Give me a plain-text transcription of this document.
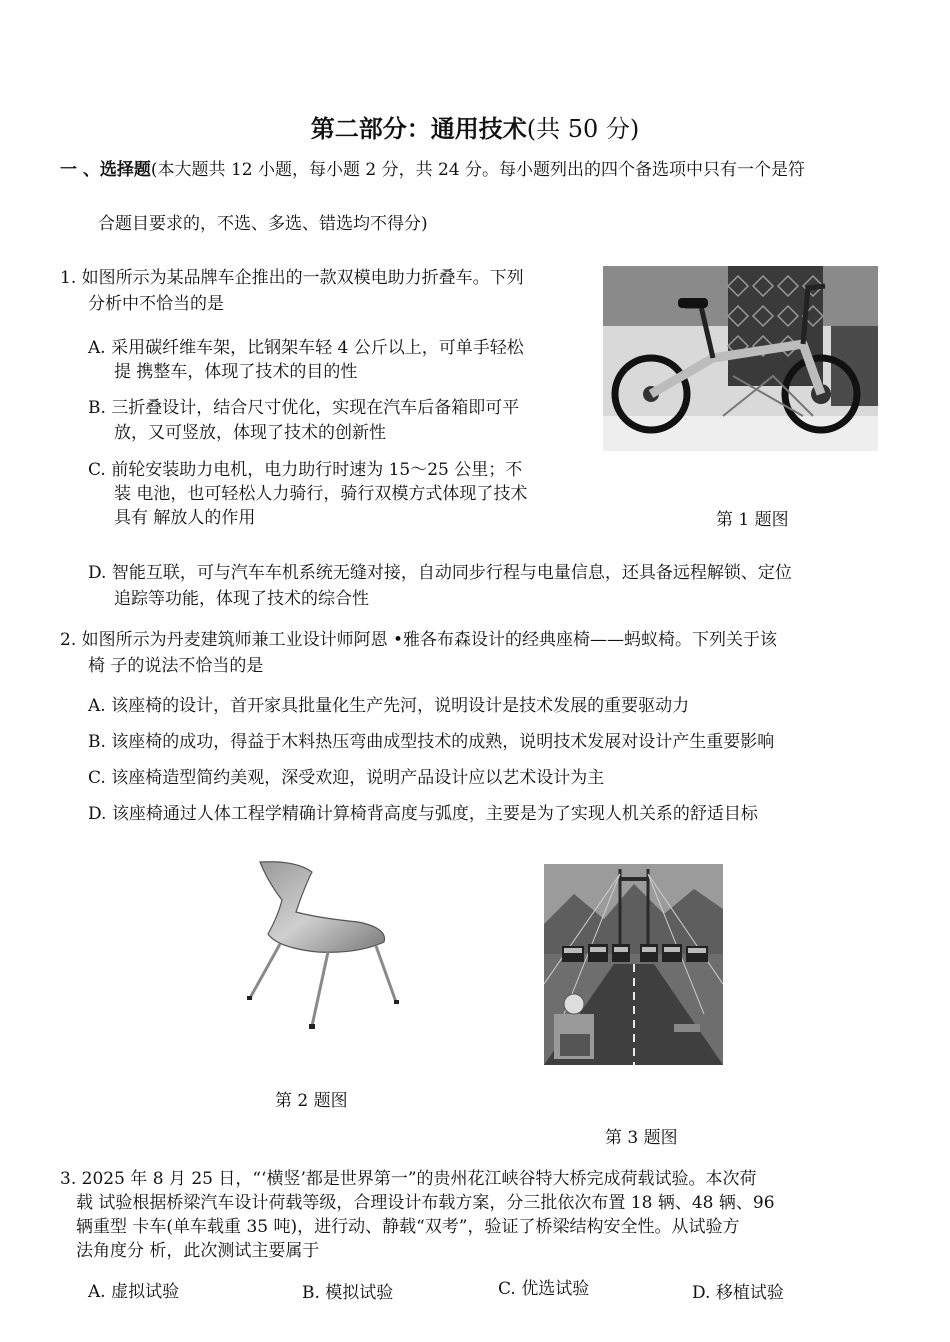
第二部分：通用技术(共 50 分)
一 、选择题(本大题共 12 小题，每小题 2 分，共 24 分。每小题列出的四个备选项中只有一个是符
合题目要求的，不选、多选、错选均不得分)
1. 如图所示为某品牌车企推出的一款双模电助力折叠车。下列
分析中不恰当的是
A. 采用碳纤维车架，比钢架车轻 4 公斤以上，可单手轻松
提 携整车，体现了技术的目的性
B. 三折叠设计，结合尺寸优化，实现在汽车后备箱即可平
放，又可竖放，体现了技术的创新性
C. 前轮安装助力电机，电力助行时速为 15～25 公里；不
装 电池，也可轻松人力骑行，骑行双模方式体现了技术
具有 解放人的作用	第 1 题图
D. 智能互联，可与汽车车机系统无缝对接，自动同步行程与电量信息，还具备远程解锁、定位
追踪等功能，体现了技术的综合性
2. 如图所示为丹麦建筑师兼工业设计师阿恩 •雅各布森设计的经典座椅——蚂蚁椅。下列关于该
椅 子的说法不恰当的是
A. 该座椅的设计，首开家具批量化生产先河，说明设计是技术发展的重要驱动力
B. 该座椅的成功，得益于木料热压弯曲成型技术的成熟，说明技术发展对设计产生重要影响
C. 该座椅造型简约美观，深受欢迎，说明产品设计应以艺术设计为主
D. 该座椅通过人体工程学精确计算椅背高度与弧度，主要是为了实现人机关系的舒适目标
第 2 题图
第 3 题图
3. 2025 年 8 月 25 日，“‘横竖’都是世界第一”的贵州花江峡谷特大桥完成荷载试验。本次荷
载 试验根据桥梁汽车设计荷载等级，合理设计布载方案，分三批依次布置 18 辆、48 辆、96
辆重型 卡车(单车载重 35 吨)，进行动、静载“双考”，验证了桥梁结构安全性。从试验方
法角度分 析，此次测试主要属于
A. 虚拟试验	B. 模拟试验	C. 优选试验	D. 移植试验
